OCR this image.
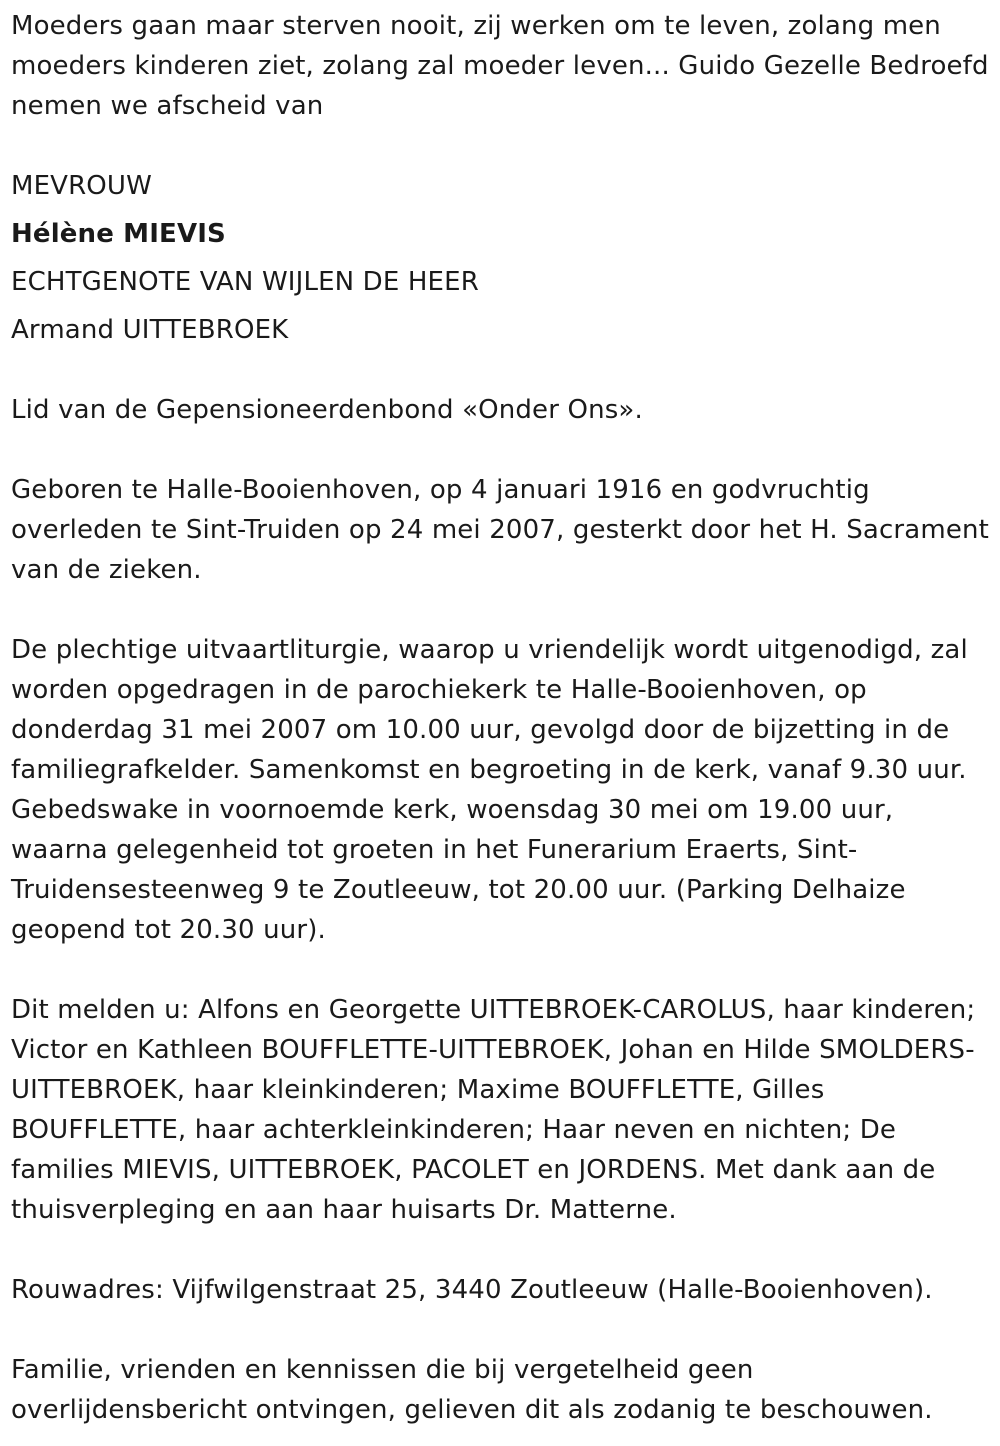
Moeders gaan maar sterven nooit, zij werken om te leven, zolang men moeders kinderen ziet, zolang zal moeder leven... Guido Gezelle Bedroefd nemen we afscheid van
MEVROUW
Hélène MIEVIS
ECHTGENOTE VAN WIJLEN DE HEER
Armand UITTEBROEK
Lid van de Gepensioneerdenbond «Onder Ons».
Geboren te Halle-Booienhoven, op 4 januari 1916 en godvruchtig overleden te Sint-Truiden op 24 mei 2007, gesterkt door het H. Sacrament van de zieken.
De plechtige uitvaartliturgie, waarop u vriendelijk wordt uitgenodigd, zal worden opgedragen in de parochiekerk te Halle-Booienhoven, op donderdag 31 mei 2007 om 10.00 uur, gevolgd door de bijzetting in de familiegrafkelder. Samenkomst en begroeting in de kerk, vanaf 9.30 uur. Gebedswake in voornoemde kerk, woensdag 30 mei om 19.00 uur, waarna gelegenheid tot groeten in het Funerarium Eraerts, Sint-Truidensesteenweg 9 te Zoutleeuw, tot 20.00 uur. (Parking Delhaize geopend tot 20.30 uur).
Dit melden u: Alfons en Georgette UITTEBROEK-CAROLUS, haar kinderen; Victor en Kathleen BOUFFLETTE-UITTEBROEK, Johan en Hilde SMOLDERS-UITTEBROEK, haar kleinkinderen; Maxime BOUFFLETTE, Gilles BOUFFLETTE, haar achterkleinkinderen; Haar neven en nichten; De families MIEVIS, UITTEBROEK, PACOLET en JORDENS. Met dank aan de thuisverpleging en aan haar huisarts Dr. Matterne.
Rouwadres: Vijfwilgenstraat 25, 3440 Zoutleeuw (Halle-Booienhoven).
Familie, vrienden en kennissen die bij vergetelheid geen overlijdensbericht ontvingen, gelieven dit als zodanig te beschouwen.
